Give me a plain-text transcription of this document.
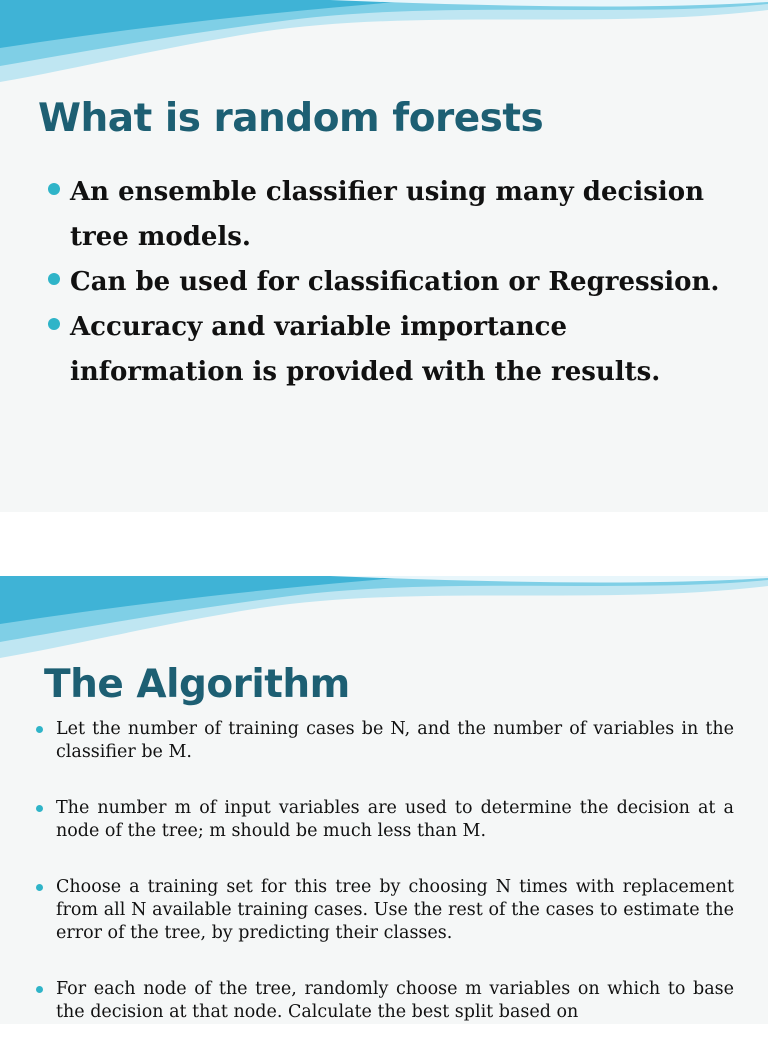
What is random forests
An ensemble classifier using many decision tree models.
Can be used for classification or Regression.
Accuracy and variable importance information is provided with the results.
The Algorithm
Let the number of training cases be N, and the number of variables in the classifier be M.
The number m of input variables are used to determine the decision at a node of the tree; m should be much less than M.
Choose a training set for this tree by choosing N times with replacement from all N available training cases. Use the rest of the cases to estimate the error of the tree, by predicting their classes.
For each node of the tree, randomly choose m variables on which to base the decision at that node. Calculate the best split based on
